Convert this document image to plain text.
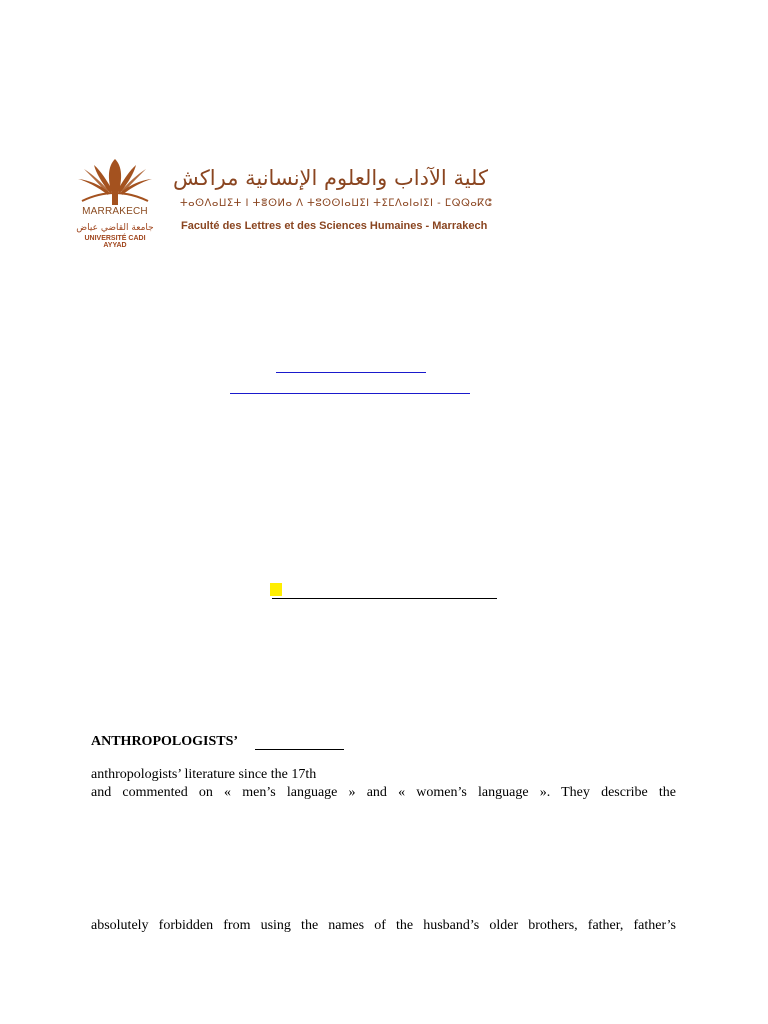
MARRAKECH
جامعة القاضي عياض
UNIVERSITÉ CADI AYYAD
كلية الآداب والعلوم الإنسانية مراكش
ⵜⴰⵙⴷⴰⵡⵉⵜ ⵏ ⵜⴻⵙⵍⴰ ⴷ ⵜⵓⵙⵙⵏⴰⵡⵉⵏ ⵜⵉⵎⴷⴰⵏⴰⵏⵉⵏ - ⵎⵕⵕⴰⴽⵛ
Faculté des Lettres et des Sciences Humaines - Marrakech
ANTHROPOLOGISTS’
anthropologists’ literature since the 17th
and commented on « men’s language » and « women’s language ». They describe the
absolutely forbidden from using the names of the husband’s older brothers, father, father’s
